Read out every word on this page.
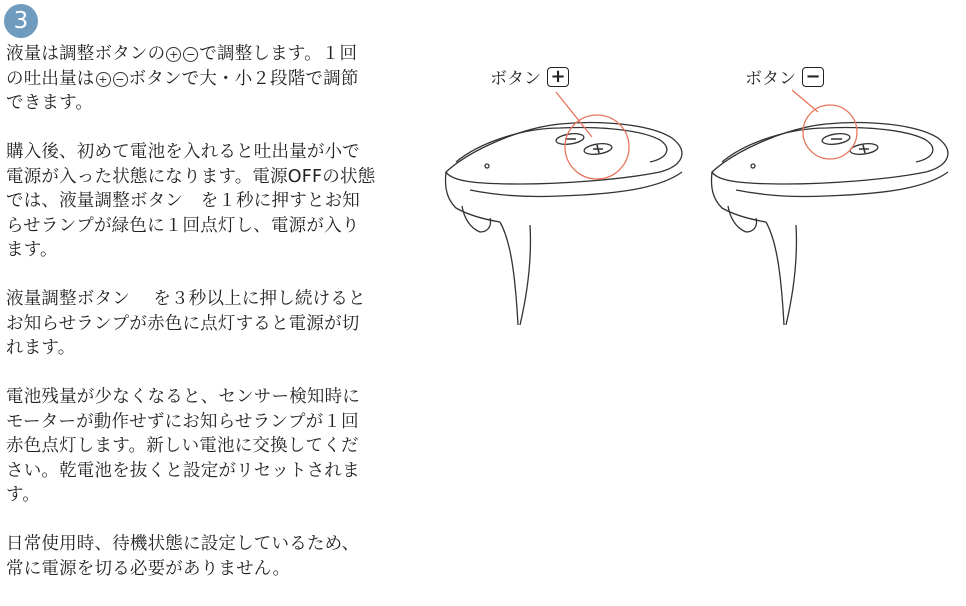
3

液量は調整ボタンの + − で調整します。１回
の吐出量は + − ボタンで大・小２段階で調節
できます。

購入後、初めて電池を入れると吐出量が小で
電源が入った状態になります。電源OFFの状態
では、液量調整ボタン　を１秒に押すとお知
らせランプが緑色に１回点灯し、電源が入り
ます。

液量調整ボタン　 を３秒以上に押し続けると
お知らせランプが赤色に点灯すると電源が切
れます。

電池残量が少なくなると、センサー検知時に
モーターが動作せずにお知らせランプが１回
赤色点灯します。新しい電池に交換してくだ
さい。乾電池を抜くと設定がリセットされま
す。

日常使用時、待機状態に設定しているため、
常に電源を切る必要がありません。

ボタン +	ボタン −
